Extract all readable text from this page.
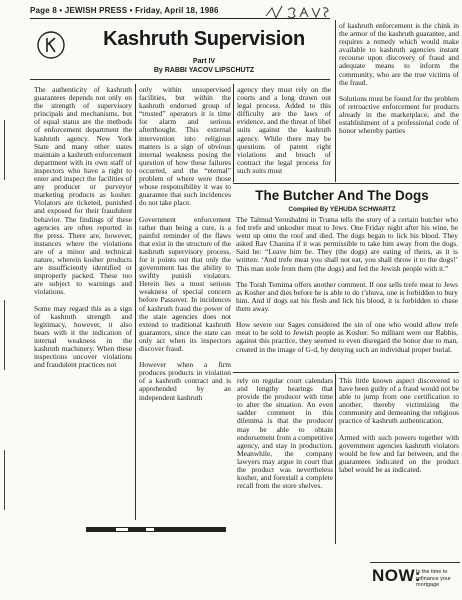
Page 8 • JEWISH PRESS • Friday, April 18, 1986
Kashruth Supervision
Part IV
By RABBI YACOV LIPSCHUTZ
The authenticity of kashruth guarantees depends not only on the strength of supervisory principals and mechanisms, but of equal status are the methods of enforcement department the kashruth agency. New York State and many other states maintain a kashruth enforcement department with its own staff of inspectors who have a right to enter and inspect the facilities of any producer or purveyor marketing products as kosher. Violators are ticketed, punished and exposed for their fraudulent behavior. The findings of these agencies are often reported in the press. There are, however, instances where the violations are of a minor and technical nature, wherein kosher products are insufficiently identified or improperly packed. These too are subject to warnings and violations.

Some may regard this as a sign of kashruth strength and legitimacy, however, it also bears with it the indication of internal weakness in the kashruth machinery. When these inspections uncover violations and fraudulent practices not
only within unsupervised facilities, but within the kashruth endorsed group of “trusted” operators it is time for alarm and serious afterthought. This external intervention into religious matters is a sign of obvious internal weakness posing the question of how these failures occurred, and the “eternal” problem of where were those whose responsibility it was to guarantee that such incidences do not take place.

Government enforcement rather than being a cure, is a painful reminder of the flaws that exist in the structure of the kashruth supervisory process, for it points out that only the government has the ability to swiftly punish violators. Herein lies a most serious weakness of special concern before Passover. In incidences of kashruth fraud the power of the state agencies does not extend to traditional kashruth guarantors, since the state can only act when its inspectors discover fraud.

However when a firm produces products in violation of a kashruth contract and is apprehended by an independent kashruth
agency they must rely on the courts and a long drawn out legal process. Added to this difficulty are the laws of evidence, and the threat of libel suits against the kashruth agency. While there may be questions of patent right violations and breach of contract the legal process for such suits must
of kashruth enforcement is the chink in the armor of the kashruth guarantee, and requires a remedy which would make available to kashruth agencies instant recourse upon discovery of fraud and adequate means to inform the community, who are the true victims of the fraud.

Solutions must be found for the problem of retroactive enforcement for products already in the marketplace, and the establishment of a professional code of honor whereby parties
rely on regular court calendars and lengthy hearings that provide the producer with time to alter the situation. An even sadder comment in this dilemma is that the producer may be able to obtain endorsement from a competitive agency, and stay in production. Meanwhile, the company lawyers may argue in court that the product was nevertheless kosher, and forestall a complete recall from the store shelves.
This little known aspect discovered to have been guilty of a fraud would not be able to jump from one certification to another, thereby victimizing the community and demeaning the religious practice of kashruth authentication.

Armed with such powers together with government agencies kashruth violators would be few and far between, and the guarantees indicated on the product label would be as indicated.
The Butcher And The Dogs
Compiled By YEHUDA SCHWARTZ
The Talmud Yerushalmi in Truma tells the story of a certain butcher who fed trefe and unkosher meat to Jews. One Friday night after his wine, he went up onto the roof and died. The dogs began to lick his blood. They asked Rav Chanina if it was permissible to take him away from the dogs. Said he: “Leave him be. They (the dogs) are eating of theirs, as it is written: ‘And trefe meat you shall not eat, you shall throw it to the dogs!’ This man stole from them (the dogs) and fed the Jewish people with it.”

The Torah Temima offers another comment. If one sells trefe meat to Jews as Kosher and dies before he is able to do t’shuva, one is forbidden to bury him. And if dogs eat his flesh and lick his blood, it is forbidden to chase them away.

How severe our Sages considered the sin of one who would allow trefe meat to be sold to Jewish people as Kosher. So militant were our Rabbis, against this practice, they seemed to even disregard the honor due to man, created in the image of G-d, by denying such an individual proper burial.
NOW:
Is the time to refinance your mortgage
